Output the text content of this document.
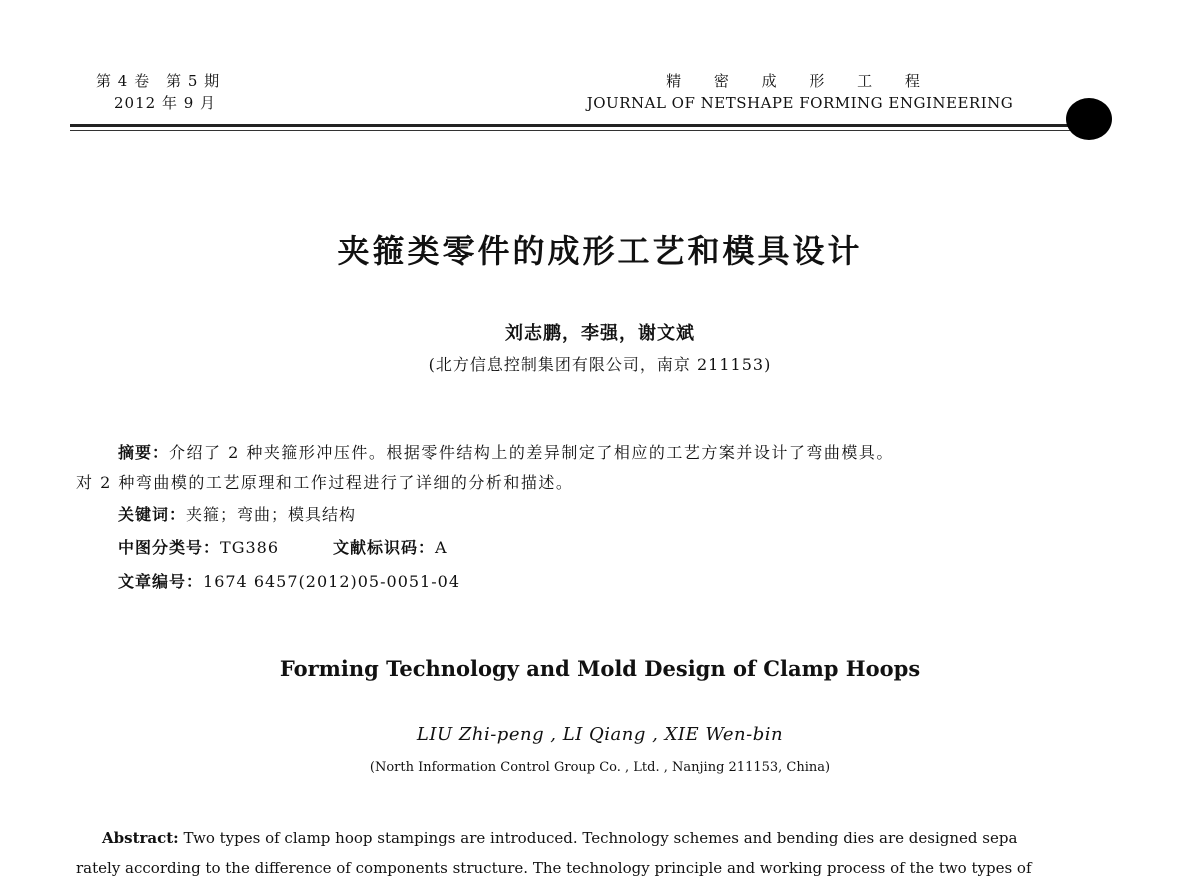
第 4 卷　第 5 期
2012 年 9 月
精 密 成 形 工 程
JOURNAL OF NETSHAPE FORMING ENGINEERING
夹箍类零件的成形工艺和模具设计
刘志鹏，李强，谢文斌
(北方信息控制集团有限公司，南京 211153)
摘要：介绍了 2 种夹箍形冲压件。根据零件结构上的差异制定了相应的工艺方案并设计了弯曲模具。
对 2 种弯曲模的工艺原理和工作过程进行了详细的分析和描述。
关键词：夹箍；弯曲；模具结构
中图分类号：TG386	文献标识码：A
文章编号：1674 6457(2012)05-0051-04
Forming Technology and Mold Design of Clamp Hoops
LIU Zhi-peng , LI Qiang , XIE Wen-bin
(North Information Control Group Co. , Ltd. , Nanjing 211153, China)
Abstract: Two types of clamp hoop stampings are introduced. Technology schemes and bending dies are designed sepa
rately according to the difference of components structure. The technology principle and working process of the two types of
